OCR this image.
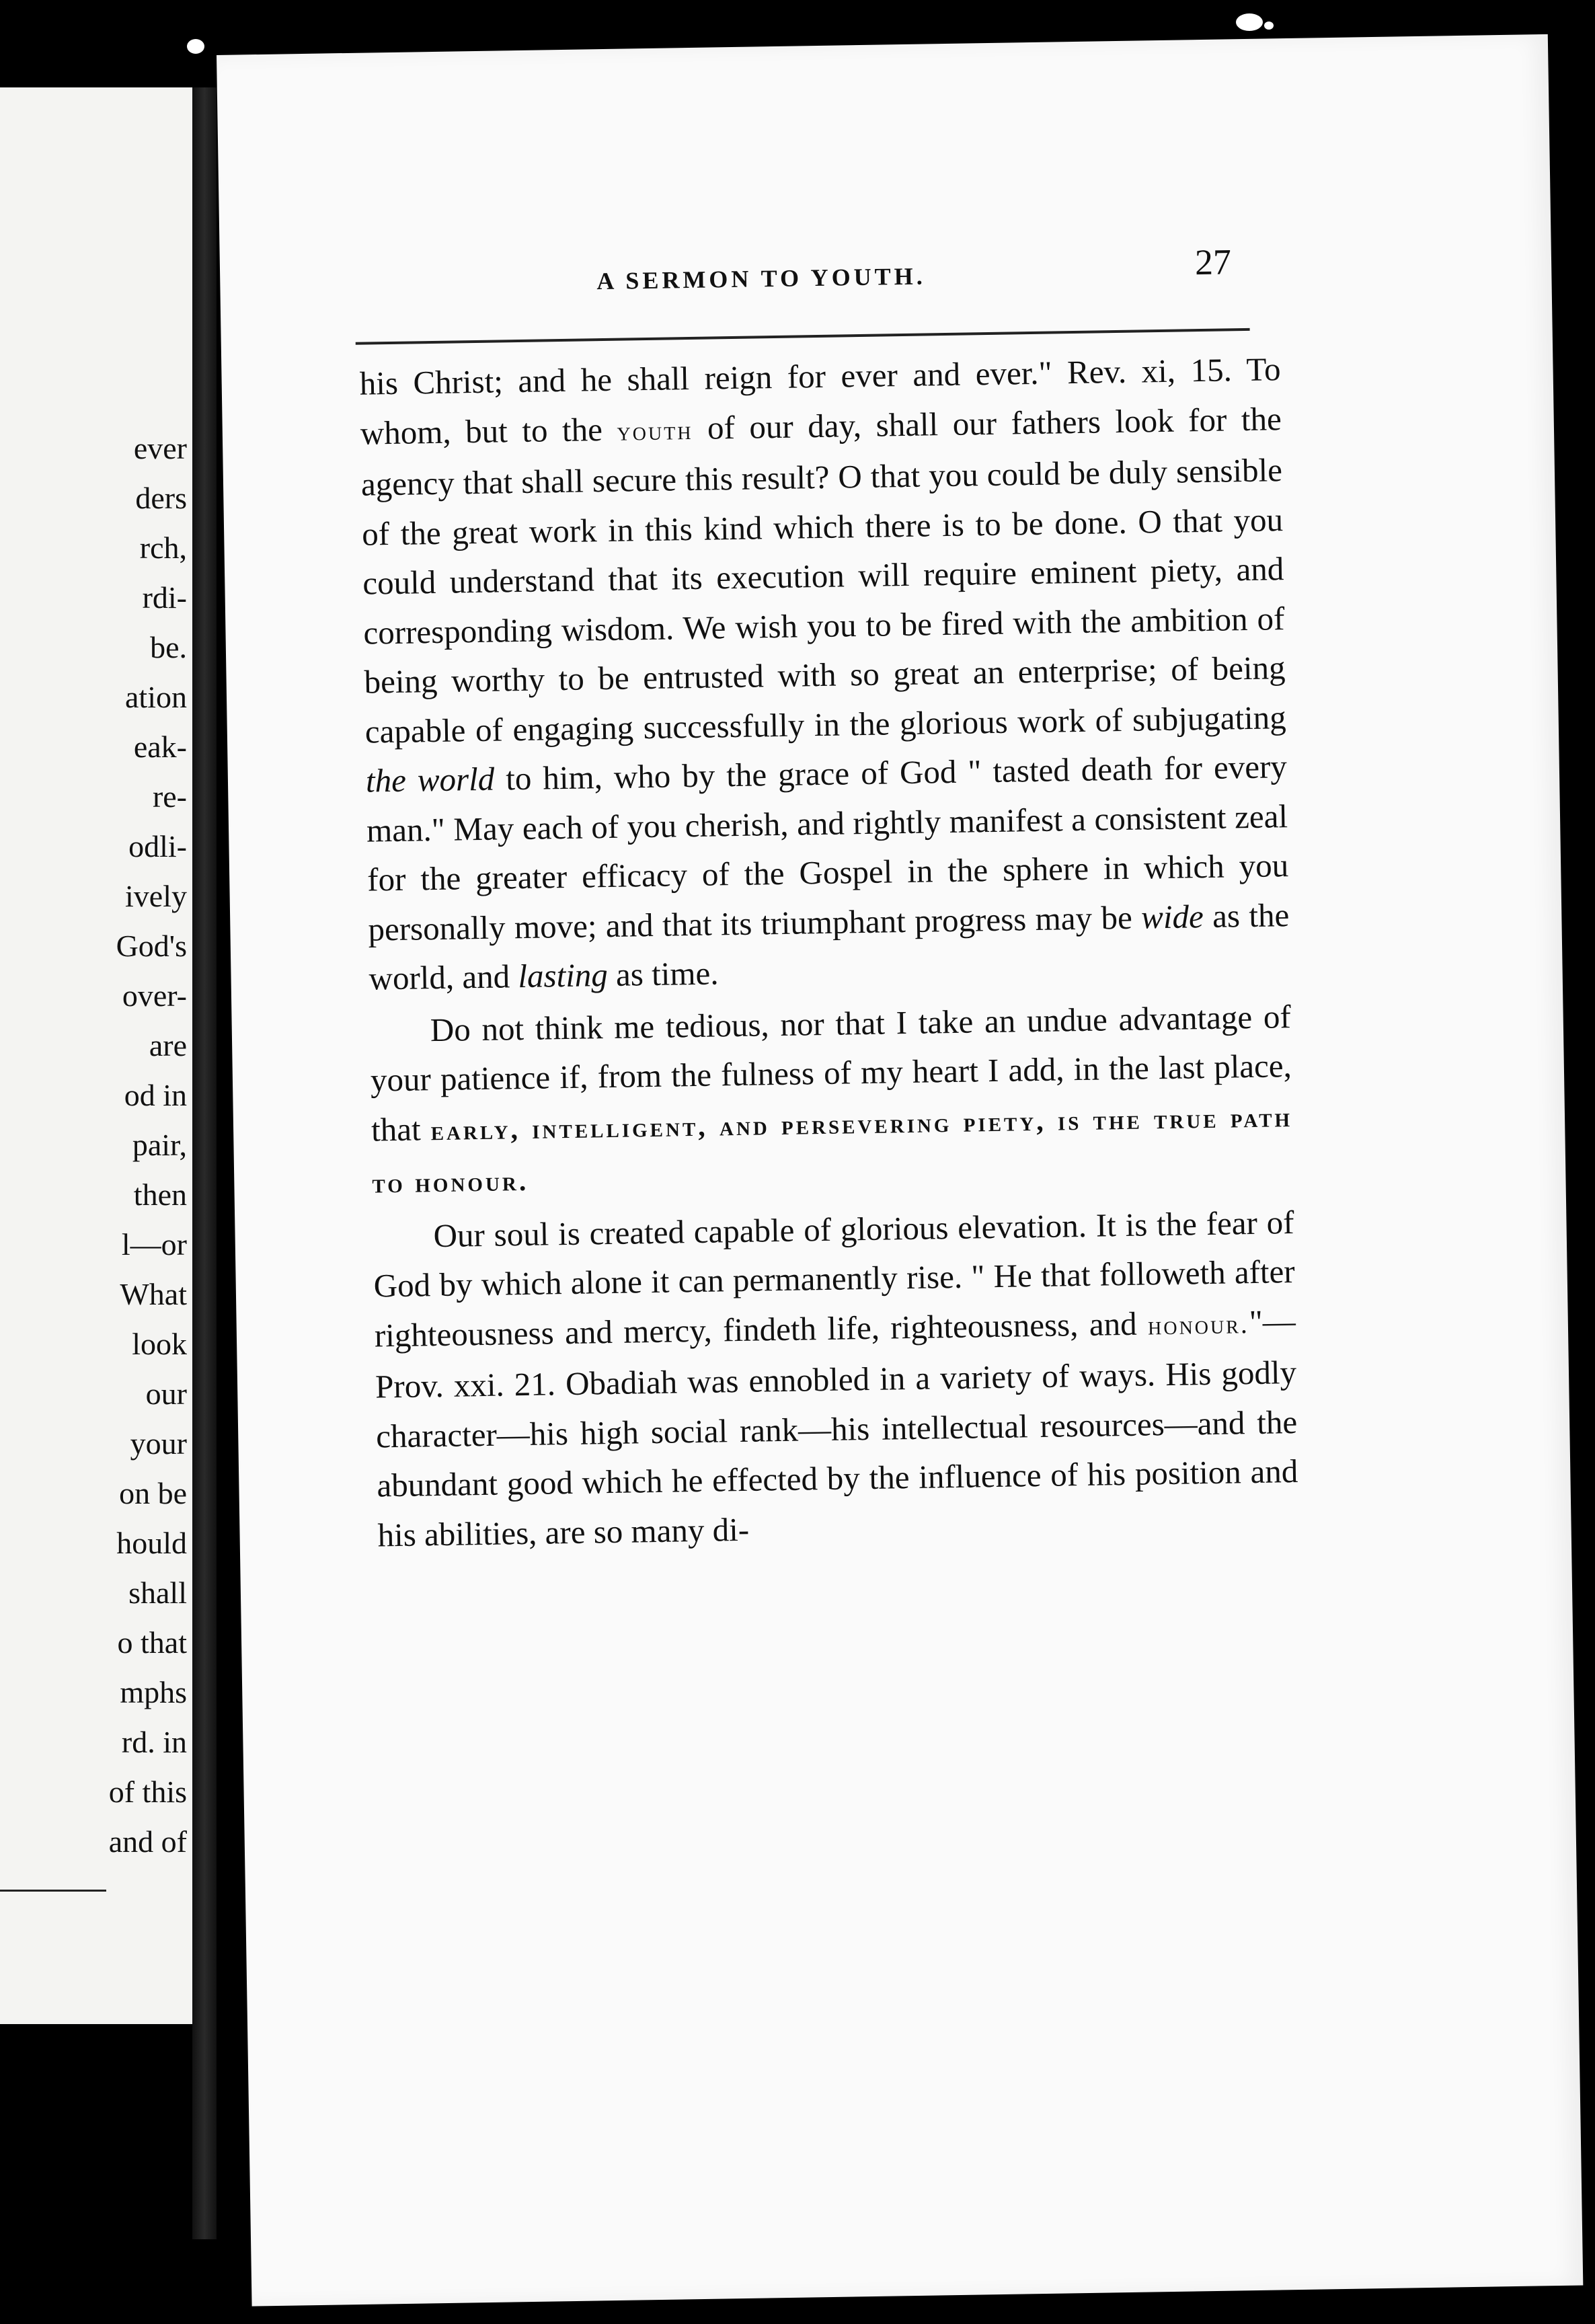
ever
ders
rch,
rdi-
be.
ation
eak-
re-
odli-
ively
God's
over-
are
od in
pair,
then
l—or
What
look
our
your
on be
hould
shall
o that
mphs
rd. in
of this
and of
A SERMON TO YOUTH.	27

his Christ; and he shall reign for ever and ever." Rev. xi, 15. To whom, but to the youth of our day, shall our fathers look for the agency that shall secure this result? O that you could be duly sensible of the great work in this kind which there is to be done. O that you could understand that its execution will require eminent piety, and corresponding wisdom. We wish you to be fired with the ambition of being worthy to be entrusted with so great an enterprise; of being capable of engaging successfully in the glorious work of subjugating the world to him, who by the grace of God " tasted death for every man." May each of you cherish, and rightly manifest a consistent zeal for the greater efficacy of the Gospel in the sphere in which you personally move; and that its triumphant progress may be wide as the world, and lasting as time.

Do not think me tedious, nor that I take an undue advantage of your patience if, from the fulness of my heart I add, in the last place, that early, intelligent, and persevering piety, is the true path to honour.

Our soul is created capable of glorious elevation. It is the fear of God by which alone it can permanently rise. " He that followeth after righteousness and mercy, findeth life, righteousness, and honour."—Prov. xxi. 21. Obadiah was ennobled in a variety of ways. His godly character—his high social rank—his intellectual resources—and the abundant good which he effected by the influence of his position and his abilities, are so many di-
